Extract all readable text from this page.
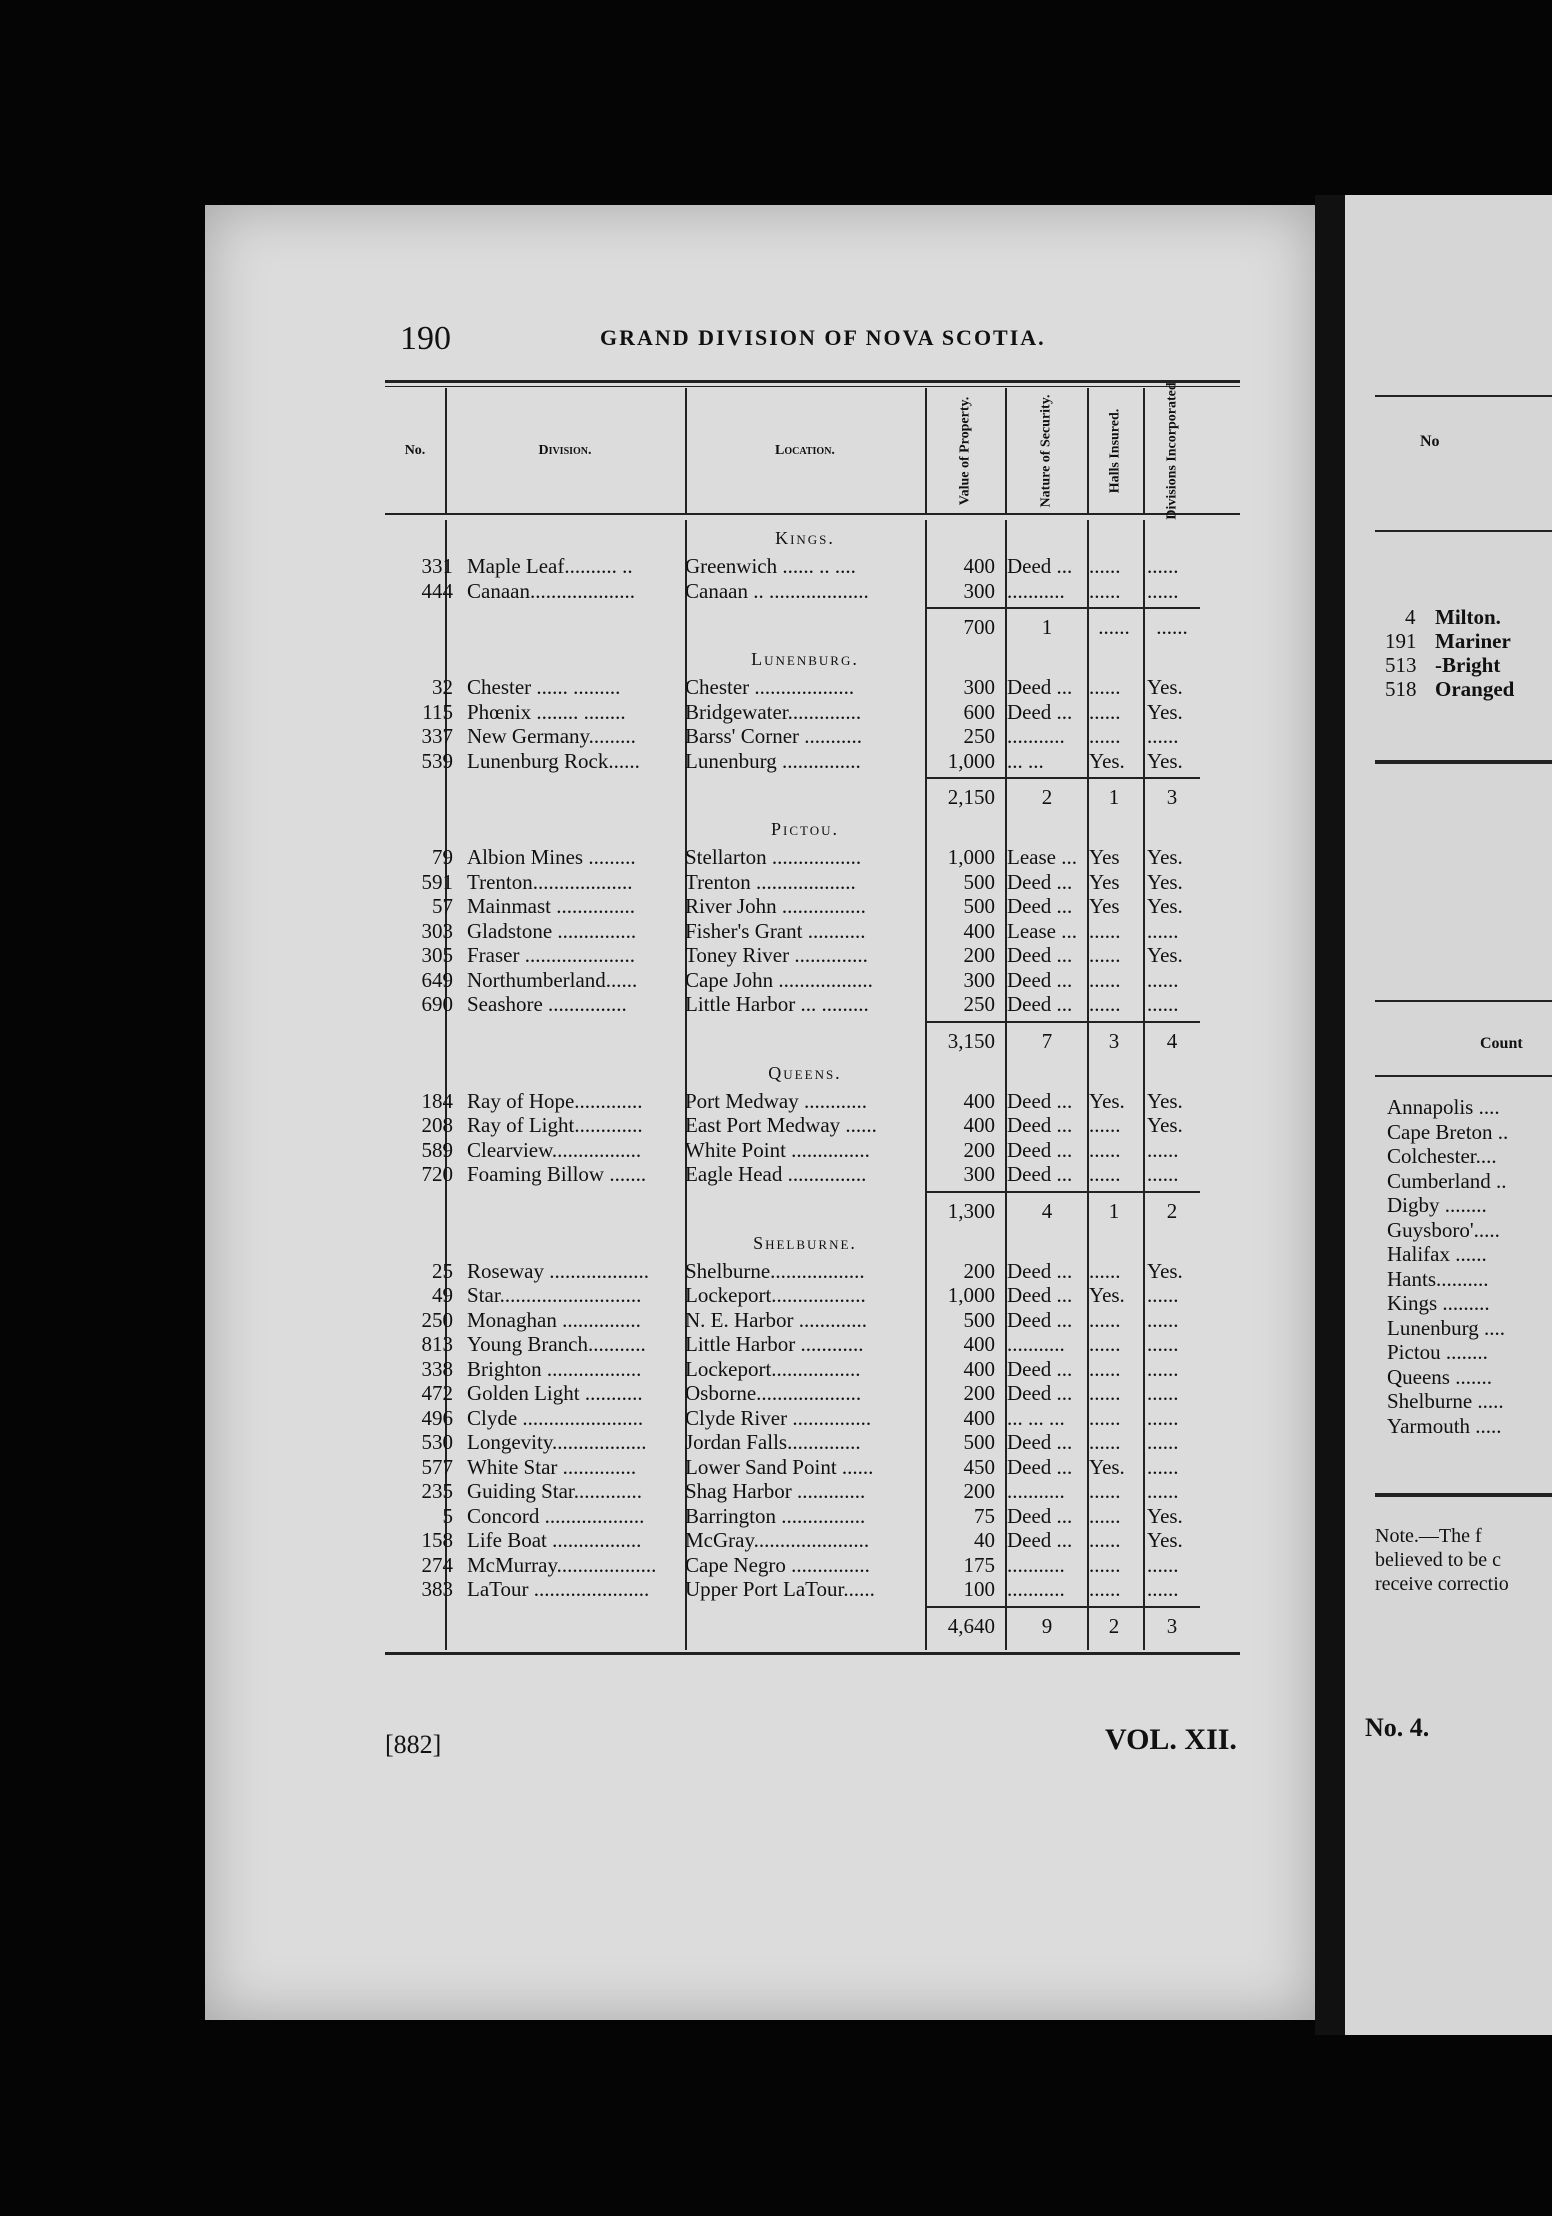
190	GRAND DIVISION OF NOVA SCOTIA.
No.	Division.	Location.	Value of Property.	Nature of Security.	Halls Insured.	Divisions Incorporated
Kings.
331 Maple Leaf.......... ..	Greenwich ...... .. ....	400 Deed ... ......	......
444 Canaan....................	Canaan .. ...................	300 ...........	......	......
700	1	......	......
Lunenburg.
32 Chester ...... .........	Chester ...................	300 Deed ... ......	Yes.
115 Phœnix ........ ........	Bridgewater..............	600 Deed ... ......	Yes.
337 New Germany.........	Barss' Corner ...........	250 ...........	......	......
539 Lunenburg Rock......	Lunenburg ...............	1,000 ... ...	Yes.	Yes.
2,150	2	1	3
Pictou.
79 Albion Mines .........	Stellarton .................	1,000 Lease ... Yes	Yes.
591 Trenton...................	Trenton ...................	500 Deed ... Yes	Yes.
57 Mainmast ...............	River John ................	500 Deed ... Yes	Yes.
303 Gladstone ...............	Fisher's Grant ...........	400 Lease ... ......	......
305 Fraser .....................	Toney River ..............	200 Deed ... ......	Yes.
649 Northumberland......	Cape John ..................	300 Deed ... ......	......
690 Seashore ...............	Little Harbor ... .........	250 Deed ... ......	......
3,150	7	3	4
Queens.
184 Ray of Hope.............	Port Medway ............	400 Deed ... Yes.	Yes.
208 Ray of Light.............	East Port Medway ......	400 Deed ... ......	Yes.
589 Clearview.................	White Point ...............	200 Deed ... ......	......
720 Foaming Billow .......	Eagle Head ...............	300 Deed ... ......	......
1,300	4	1	2
Shelburne.
25 Roseway ...................	Shelburne..................	200 Deed ... ......	Yes.
49 Star...........................	Lockeport..................	1,000 Deed ... Yes.	......
250 Monaghan ...............	N. E. Harbor .............	500 Deed ... ......	......
813 Young Branch...........	Little Harbor ............	400 ...........	......	......
338 Brighton ..................	Lockeport.................	400 Deed ... ......	......
472 Golden Light ...........	Osborne....................	200 Deed ... ......	......
496 Clyde .......................	Clyde River ...............	400 ... ... ...	......	......
530 Longevity..................	Jordan Falls..............	500 Deed ... ......	......
577 White Star ..............	Lower Sand Point ......	450 Deed ... Yes.	......
235 Guiding Star.............	Shag Harbor .............	200 ...........	......	......
5 Concord ...................	Barrington ................	75 Deed ... ......	Yes.
158 Life Boat .................	McGray......................	40 Deed ... ......	Yes.
274 McMurray...................	Cape Negro ...............	175 ...........	......	......
383 LaTour ......................	Upper Port LaTour......	100 ...........	......	......
4,640	9	2	3
[882]	VOL. XII.
No
4 Milton.
191 Mariner
513 -Bright
518 Oranged
Count
Annapolis ....
Cape Breton ..
Colchester....
Cumberland ..
Digby ........
Guysboro'.....
Halifax ......
Hants..........
Kings .........
Lunenburg ....
Pictou ........
Queens .......
Shelburne .....
Yarmouth .....
Note.—The f
believed to be c
receive correctio
No. 4.
